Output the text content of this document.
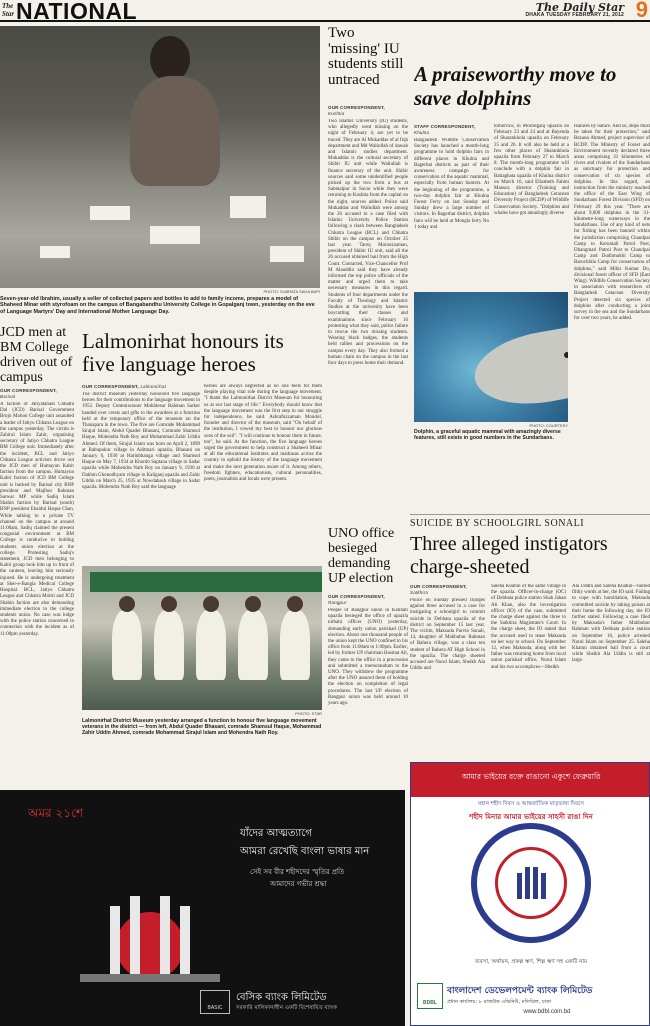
The Star NATIONAL	The Daily Star
DHAKA TUESDAY FEBRUARY 21, 2012 9
PHOTO: SUBRATA SAHA BAPI
Seven-year-old Ibrahim, usually a seller of collected papers and bottles to add to family income, prepares a model of Shaheed Minar with styrofoam on the campus of Bangabandhu University College in Gopalganj town, yesterday on the eve of Language Martyrs' Day and International Mother Language Day.
Two 'missing' IU students still untraced
OUR CORRESPONDENT,
Kushtia
Two Islamic University (IU) students, who allegedly went missing on the night of February 4, are yet to be traced. They are Al Mukaddas of al fiqh department and Md Waliullah of dawah and Islamic studies department. Mukaddas is the cultural secretary of Shibir IU unit while Waliullah is finance secretary of the unit. Shibir sources said some unidentified people picked up the two from a bus at Sabmalpur in Savar while they were returning to Kushtia from the capital on the night, sources added. Police said Mukaddas and Waliullah were among the 26 accused in a case filed with Islamic University Police Station following a clash between Bangladesh Chhatra League (BCL) and Chhatra Shibir on the campus on October 25 last year. Tareq Moinuzzaman, president of Shibir IU unit, said all the 26 accused obtained bail from the High Court. Contacted, Vice-Chancellor Prof M Alauddin said they have already informed the top police officials of the matter and urged them to take necessary measures in this regard. Students of four departments under the Faculty of Theology and Islamic Studies at the university have been boycotting their classes and examinations since February 16 protesting what they said, police failure to rescue the two missing students. Wearing black badges, the students held rallies and processions on the campus every day. They also formed a human chain on the campus in the last four days to press home their demand.
A praiseworthy move to save dolphins
STAFF CORRESPONDENT,
Khulna
Bangladesh Wildlife Conservation Society has launched a month-long programme to hold dolphin fairs in different places in Khulna and Bagerhat districts as part of their awareness campaign for conservation of the aquatic mammal, especially from human hunters. At the beginning of the programme, a two-day dolphin fair at Khulna Forest Ferry on last Sunday and Sunday drew a large number of visitors. In Bagerhat district, dolphin fairs will be held at Mongla ferry No 1 today and
tomorrow, in Morrelganj upazila on February 23 and 24 and at Bayenda of Sharankhola upazila on February 25 and 26. It will also be held at a few other places of Sharankhola upazila from February 27 to March 8. The month-long programme will conclude with a dolphin fair in Batiaghata upazila of Khulna district on March 16, said Elizabeth Fahmi Mansur, director (Training and Education) of Bangladesh Cetacean Diversity Project (BCDP) of Wildlife Conservation Society. "Dolphins and whales have got amazingly diverse
features by nature. And so, steps must be taken for their protection," said Rezaun Ahmed, project supervisor of BCDP. The Ministry of Forest and Environment recently declared three areas comprising 31 kilometres of rivers and rivulets of the Sundarbans as sanctuary for protection and conservation of six species of dolphins. In this regard, an instruction from the ministry reached the office of the East Wing of Sundarbans Forest Division (SFD) on February 29 this year. "There are about 9,000 dolphins in the 31-kilometre-long waterways in the Sundarbans. Use of any kind of nets for fishing has been banned within the jurisdiction comprising Chandpai Camp to Keruntali Patrol Post, Dhangmari Patrol Post to Chandpai Camp and Dudhmukhi Camp to Barochhila Camp for conservation of dolphins," said Mihir Kumar Do, divisional forest officer of SFD (East Wing). Wildlife Conservation Society in association with researchers of Bangladesh Cetacean Diversity Project detected six species of dolphins after conducting a joint survey in the sea and the Sundarbans for over two years, he added.
PHOTO: COURTESY
Dolphin, a graceful aquatic mammal with amazingly diverse features, still exists in good numbers in the Sundarbans.
SUICIDE BY SCHOOLGIRL SONALI
Three alleged instigators charge-sheeted
OUR CORRESPONDENT,
Satkhira
Police on Sunday pressed charges against three accused in a case for instigating a schoolgirl to commit suicide in Debhata upazila of the district on September 15 last year. The victim, Maksuda Parvin Sonali, 14, daughter of Mahbubur Rahman of Bahera village, was a class ten student of Bahera AT High School in the upazila. The charge sheeted accused are Nurul Islam, Sheikh Ala Uddin and
Saleha Khatun of the same village in the upazila. Officer-in-charge (OC) of Debhata police station Shah Jahan Ali Khan, also the investigation officer (IO) of the case, submitted the charge sheet against the three to the Satkhira Magistrate's Court. In the charge sheet, the IO stated that the accused used to tease Maksuda on her way to school. On September 12, when Maksuda, along with her father was returning home from local union parishad office, Nurul Islam and his two accomplices—Sheikh
Ala Uddin and Saleha Khatun—hurled filthy words at her, the IO said. Failing to cope with humiliation, Maksuda committed suicide by taking poison at their home the following day, the IO further stated. Following a case filed by Maksuda's father Mahbubur Rahman with Debhata police station on September 16, police arrested Nurul Islam on September 25. Saleha Khatun obtained bail from a court while Sheikh Ala Uddin is still at large.
JCD men at BM College driven out of campus
OUR CORRESPONDENT,
Barisal
A faction of Jatiyatabadi Chhatra Dal (JCD) Barisal Government Brojo Mohon College unit assaulted a leader of Jatiyo Chhatra League on the campus yesterday. The victim is Zahirul Islam Zahir, organising secretary of Jatiyo Chhatra League BM College unit. Immediately after the incident, BCL and Jatiyo Chhatra League activists drove out the JCD men of Humayun Kabir faction from the campus. Humayun Kabir faction of JCD BM College unit is backed by Barisal city BNP president and Majibur Rahman Sarwar MP while Sadiq Islam Shahin faction by Barisal (south) BNP president Ebaidul Haque Chan. While talking to a private TV channel on the campus at around 11:00am, Sadiq claimed the present congenial environment at BM College is conducive to holding students union election at the college. Protesting Sadiq's statement, JCD men belonging to Kabir group took him up in front of the canteen, leaving him seriously injured. He is undergoing treatment at Sher-e-Bangla Medical College Hospital. BCL, Jatiyo Chhatra League and Chhatra Moitri and JCD Shahin faction are also demanding immediate election to the college students union. No case was lodge with the police station concerned in connection with the incident as of 11:00pm yesterday.
Lalmonirhat honours its five language heroes
OUR CORRESPONDENT, Lalmonirhat
The district museum yesterday honoured five language heroes for their contributions to the language movement in 1952. Deputy Commissioner Mokhlesur Rahman Sarker handed over crests and gifts to the awardees at a function held at the temporary office of the museum on the Thanapara in the town. The five are Comrade Mohammad Sirajul Islam, Abdul Quader Bhasani, Comrade Shamsul Haque, Mohendra Nath Roy and Mohammad Zahir Uddin Ahmed. Of them, Sirajul Islam was born on April 2, 1899 at Babupukur village in Aditmari upazila, Bhasani on January 6, 1930 at Harinbhanga village and Shamsul Haque on May 7, 1934 at Khordo Saptana village in Sadar upazila while Mohendra Nath Roy on January 9, 1930 at Dakhin Ghonodhyam village in Kaliganj upazila and Zahir Uddin on March 25, 1935 at Nowdabash village in Sadar upazila. Mohendra Nath Roy said the language
heroes are always neglected as no one feels for them despite playing vital role during the language movement. "I thank the Lalmonirhat District Museum for honouring us at our last stage of life." Everybody should know that the language movement was the first step in our struggle for independence, he said. Ashrafuzzaman Mondol, founder and director of the museum, said "On behalf of the institution, I vowed my best to honour our glorious sons of the soil". "I will continue to honour them in future, too", he said. At the function, the five language heroes urged the government to help construct a Shaheed Minar at all the educational institutes and madrasas across the country to uphold the history of the language movement and make the next generation aware of it. Among others, freedom fighters, educationists, cultural personalities, poets, journalists and locals were present.
PHOTO: STAR
Lalmonirhat District Museum yesterday arranged a function to honour five language movement veterans in the district — from left, Abdul Quader Bhasani, comrade Shamsul Haque, Mohammad Zahir Uddin Ahmed, comrade Mohammad Sirajul Islam and Mohendra Nath Roy.
UNO office besieged demanding UP election
OUR CORRESPONDENT,
Rangpur
People of Rangpur union in Kalihati upazila besieged the office of upazila nirbahi officer (UNO) yesterday, demanding early union parishad (UP) election. About one thousand people of the union kept the UNO confined to his office from 11:00am to 1:00pm. Earlier, led by former UP chairman Hasmat Ali, they came to the office in a procession and submitted a memorandum to the UNO. They withdrew the programme after the UNO assured them of holding the election on completion of legal procedures. The last UP election of Rangpur union was held around 10 years ago.
অমর ২১শে
যাঁদের আত্মত্যাগে
আমরা রেখেছি বাংলা ভাষার মান
সেই সব বীর শহীদদের স্মৃতির প্রতি
আমাদের গভীর শ্রদ্ধা
BASIC
বেসিক ব্যাংক লিমিটেড
সরকারি মালিকানাধীন একটি বিশেষায়িত ব্যাংক
আমার ভাইয়ের রক্তে রাঙানো একুশে ফেব্রুয়ারি
মহান শহীদ দিবস ও আন্তর্জাতিক মাতৃভাষা দিবসে
শহীদ মিনার আমার ভাইয়ের সাহসী রাঙা দিন
ব্যবসা, অর্থায়ন, প্রকল্প ঋণ, শিল্প ঋণ সহ একটি নাম
BDBL
বাংলাদেশ ডেভেলপমেন্ট ব্যাংক লিমিটেড
প্রধান কার্যালয়: ৮ রাজউক এভিনিউ, মতিঝিল, ঢাকা
www.bdbl.com.bd
